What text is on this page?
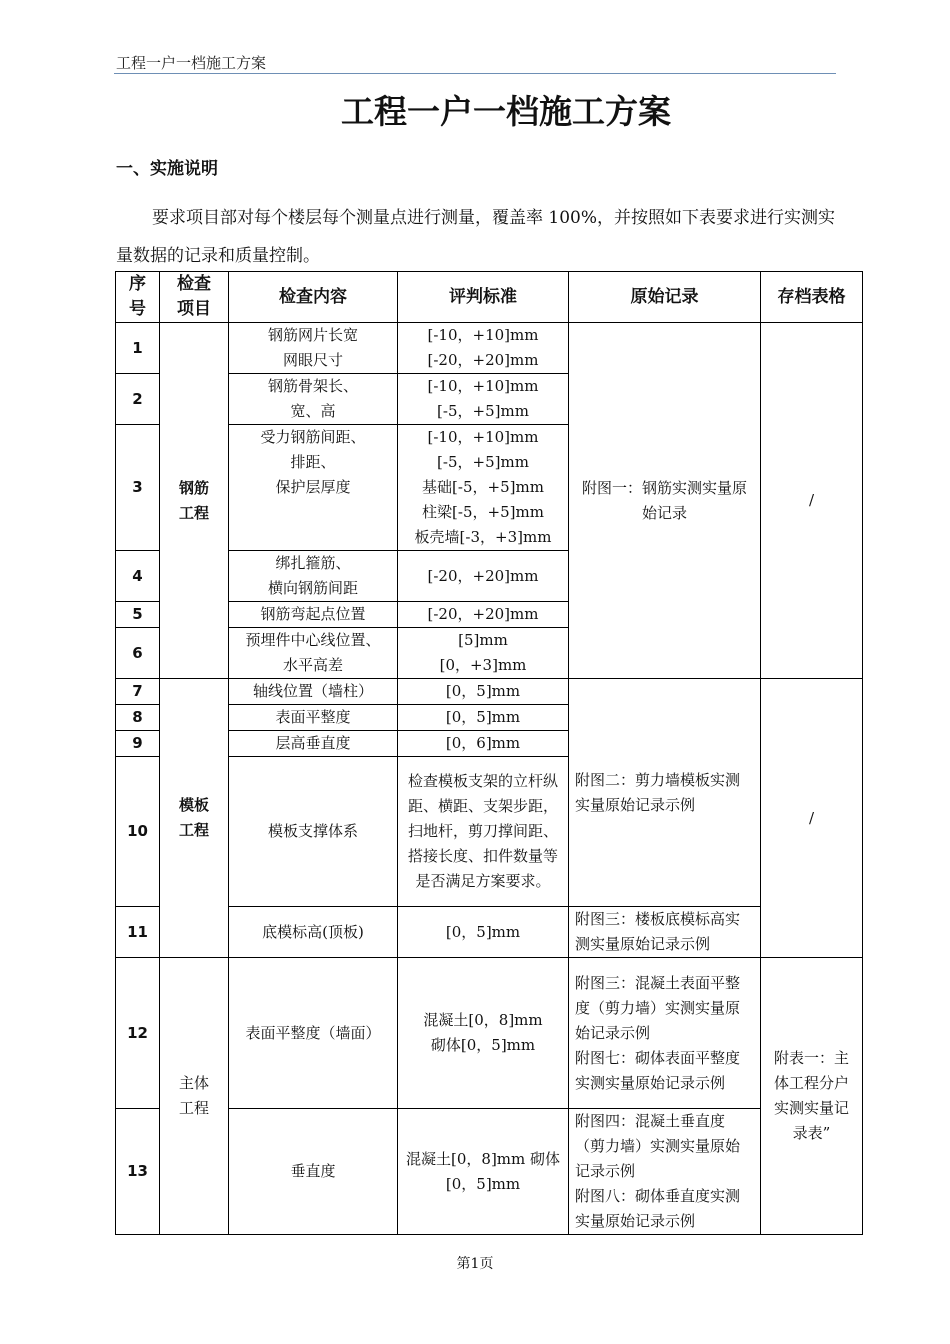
工程一户一档施工方案
工程一户一档施工方案
一、实施说明
要求项目部对每个楼层每个测量点进行测量，覆盖率 100%，并按照如下表要求进行实测实量数据的记录和质量控制。
序号	检查项目	检查内容	评判标准	原始记录	存档表格
1	钢筋工程	钢筋网片长宽
网眼尺寸	[-10，+10]mm
[-20，+20]mm	附图一：钢筋实测实量原始记录	/
2		钢筋骨架长、
宽、高	[-10，+10]mm
[-5，+5]mm		
3		受力钢筋间距、
排距、
保护层厚度	[-10，+10]mm
[-5，+5]mm
基础[-5，+5]mm
柱梁[-5，+5]mm
板壳墙[-3，+3]mm		
4		绑扎箍筋、
横向钢筋间距	[-20，+20]mm		
5		钢筋弯起点位置	[-20，+20]mm		
6		预埋件中心线位置、
水平高差	[5]mm
[0，+3]mm		
7	模板工程	轴线位置（墙柱）	[0，5]mm	附图二：剪力墙模板实测实量原始记录示例	/
8		表面平整度	[0，5]mm		
9		层高垂直度	[0，6]mm		
10		模板支撑体系	检查模板支架的立杆纵距、横距、支架步距，扫地杆，剪刀撑间距、搭接长度、扣件数量等是否满足方案要求。		
11		底模标高(顶板)	[0，5]mm	附图三：楼板底模标高实测实量原始记录示例	
12	主体工程	表面平整度（墙面）	混凝土[0，8]mm
砌体[0，5]mm	附图三：混凝土表面平整度（剪力墙）实测实量原始记录示例
附图七：砌体表面平整度实测实量原始记录示例	附表一：主体工程分户实测实量记录表”
13		垂直度	混凝土[0，8]mm 砌体[0，5]mm	附图四：混凝土垂直度（剪力墙）实测实量原始记录示例
附图八：砌体垂直度实测实量原始记录示例	
第1页
